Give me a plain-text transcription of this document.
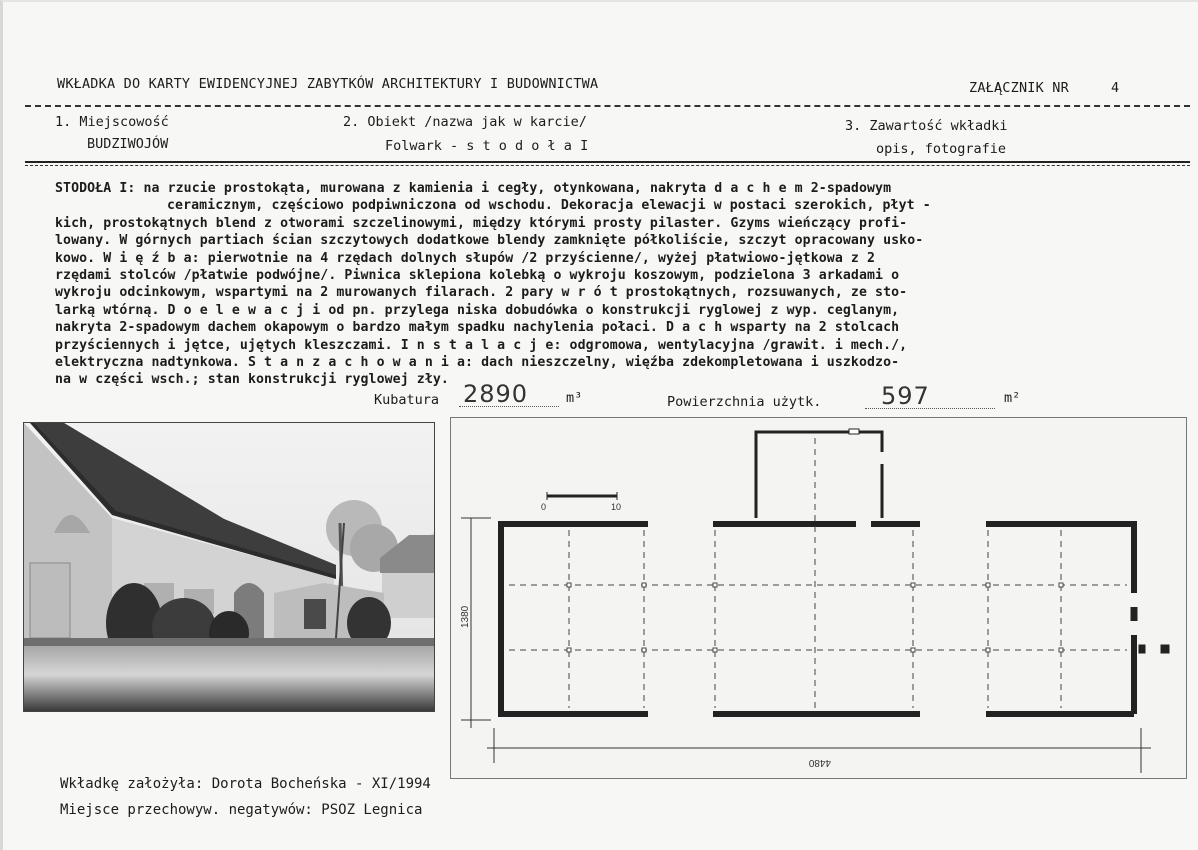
WKŁADKA DO KARTY EWIDENCYJNEJ ZABYTKÓW ARCHITEKTURY I BUDOWNICTWA	ZAŁĄCZNIK NR	4
1. Miejscowość
BUDZIWOJÓW
2. Obiekt /nazwa jak w karcie/
Folwark - s t o d o ł a I
3. Zawartość wkładki
opis, fotografie
STODOŁA I: na rzucie prostokąta, murowana z kamienia i cegły, otynkowana, nakryta d a c h e m 2-spadowym
ceramicznym, częściowo podpiwniczona od wschodu. Dekoracja elewacji w postaci szerokich, płyt -
kich, prostokątnych blend z otworami szczelinowymi, między którymi prosty pilaster. Gzyms wieńczący profi-
lowany. W górnych partiach ścian szczytowych dodatkowe blendy zamknięte półkoliście, szczyt opracowany usko-
kowo. W i ę ź b a: pierwotnie na 4 rzędach dolnych słupów /2 przyścienne/, wyżej płatwiowo-jętkowa z 2
rzędami stolców /płatwie podwójne/. Piwnica sklepiona kolebką o wykroju koszowym, podzielona 3 arkadami o
wykroju odcinkowym, wspartymi na 2 murowanych filarach. 2 pary w r ó t prostokątnych, rozsuwanych, ze sto-
larką wtórną. D o e l e w a c j i od pn. przylega niska dobudówka o konstrukcji ryglowej z wyp. ceglanym,
nakryta 2-spadowym dachem okapowym o bardzo małym spadku nachylenia połaci. D a c h wsparty na 2 stolcach
przyściennych i jętce, ujętych kleszczami. I n s t a l a c j e: odgromowa, wentylacyjna /grawit. i mech./,
elektryczna nadtynkowa. S t a n z a c h o w a n i a: dach nieszczelny, więźba zdekompletowana i uszkodzo-
na w części wsch.; stan konstrukcji ryglowej zły.
Kubatura 2890	m³	Powierzchnia użytk. 597	m²
0	10
1380
4480
Wkładkę założyła: Dorota Bocheńska - XI/1994
Miejsce przechowyw. negatywów: PSOZ Legnica
